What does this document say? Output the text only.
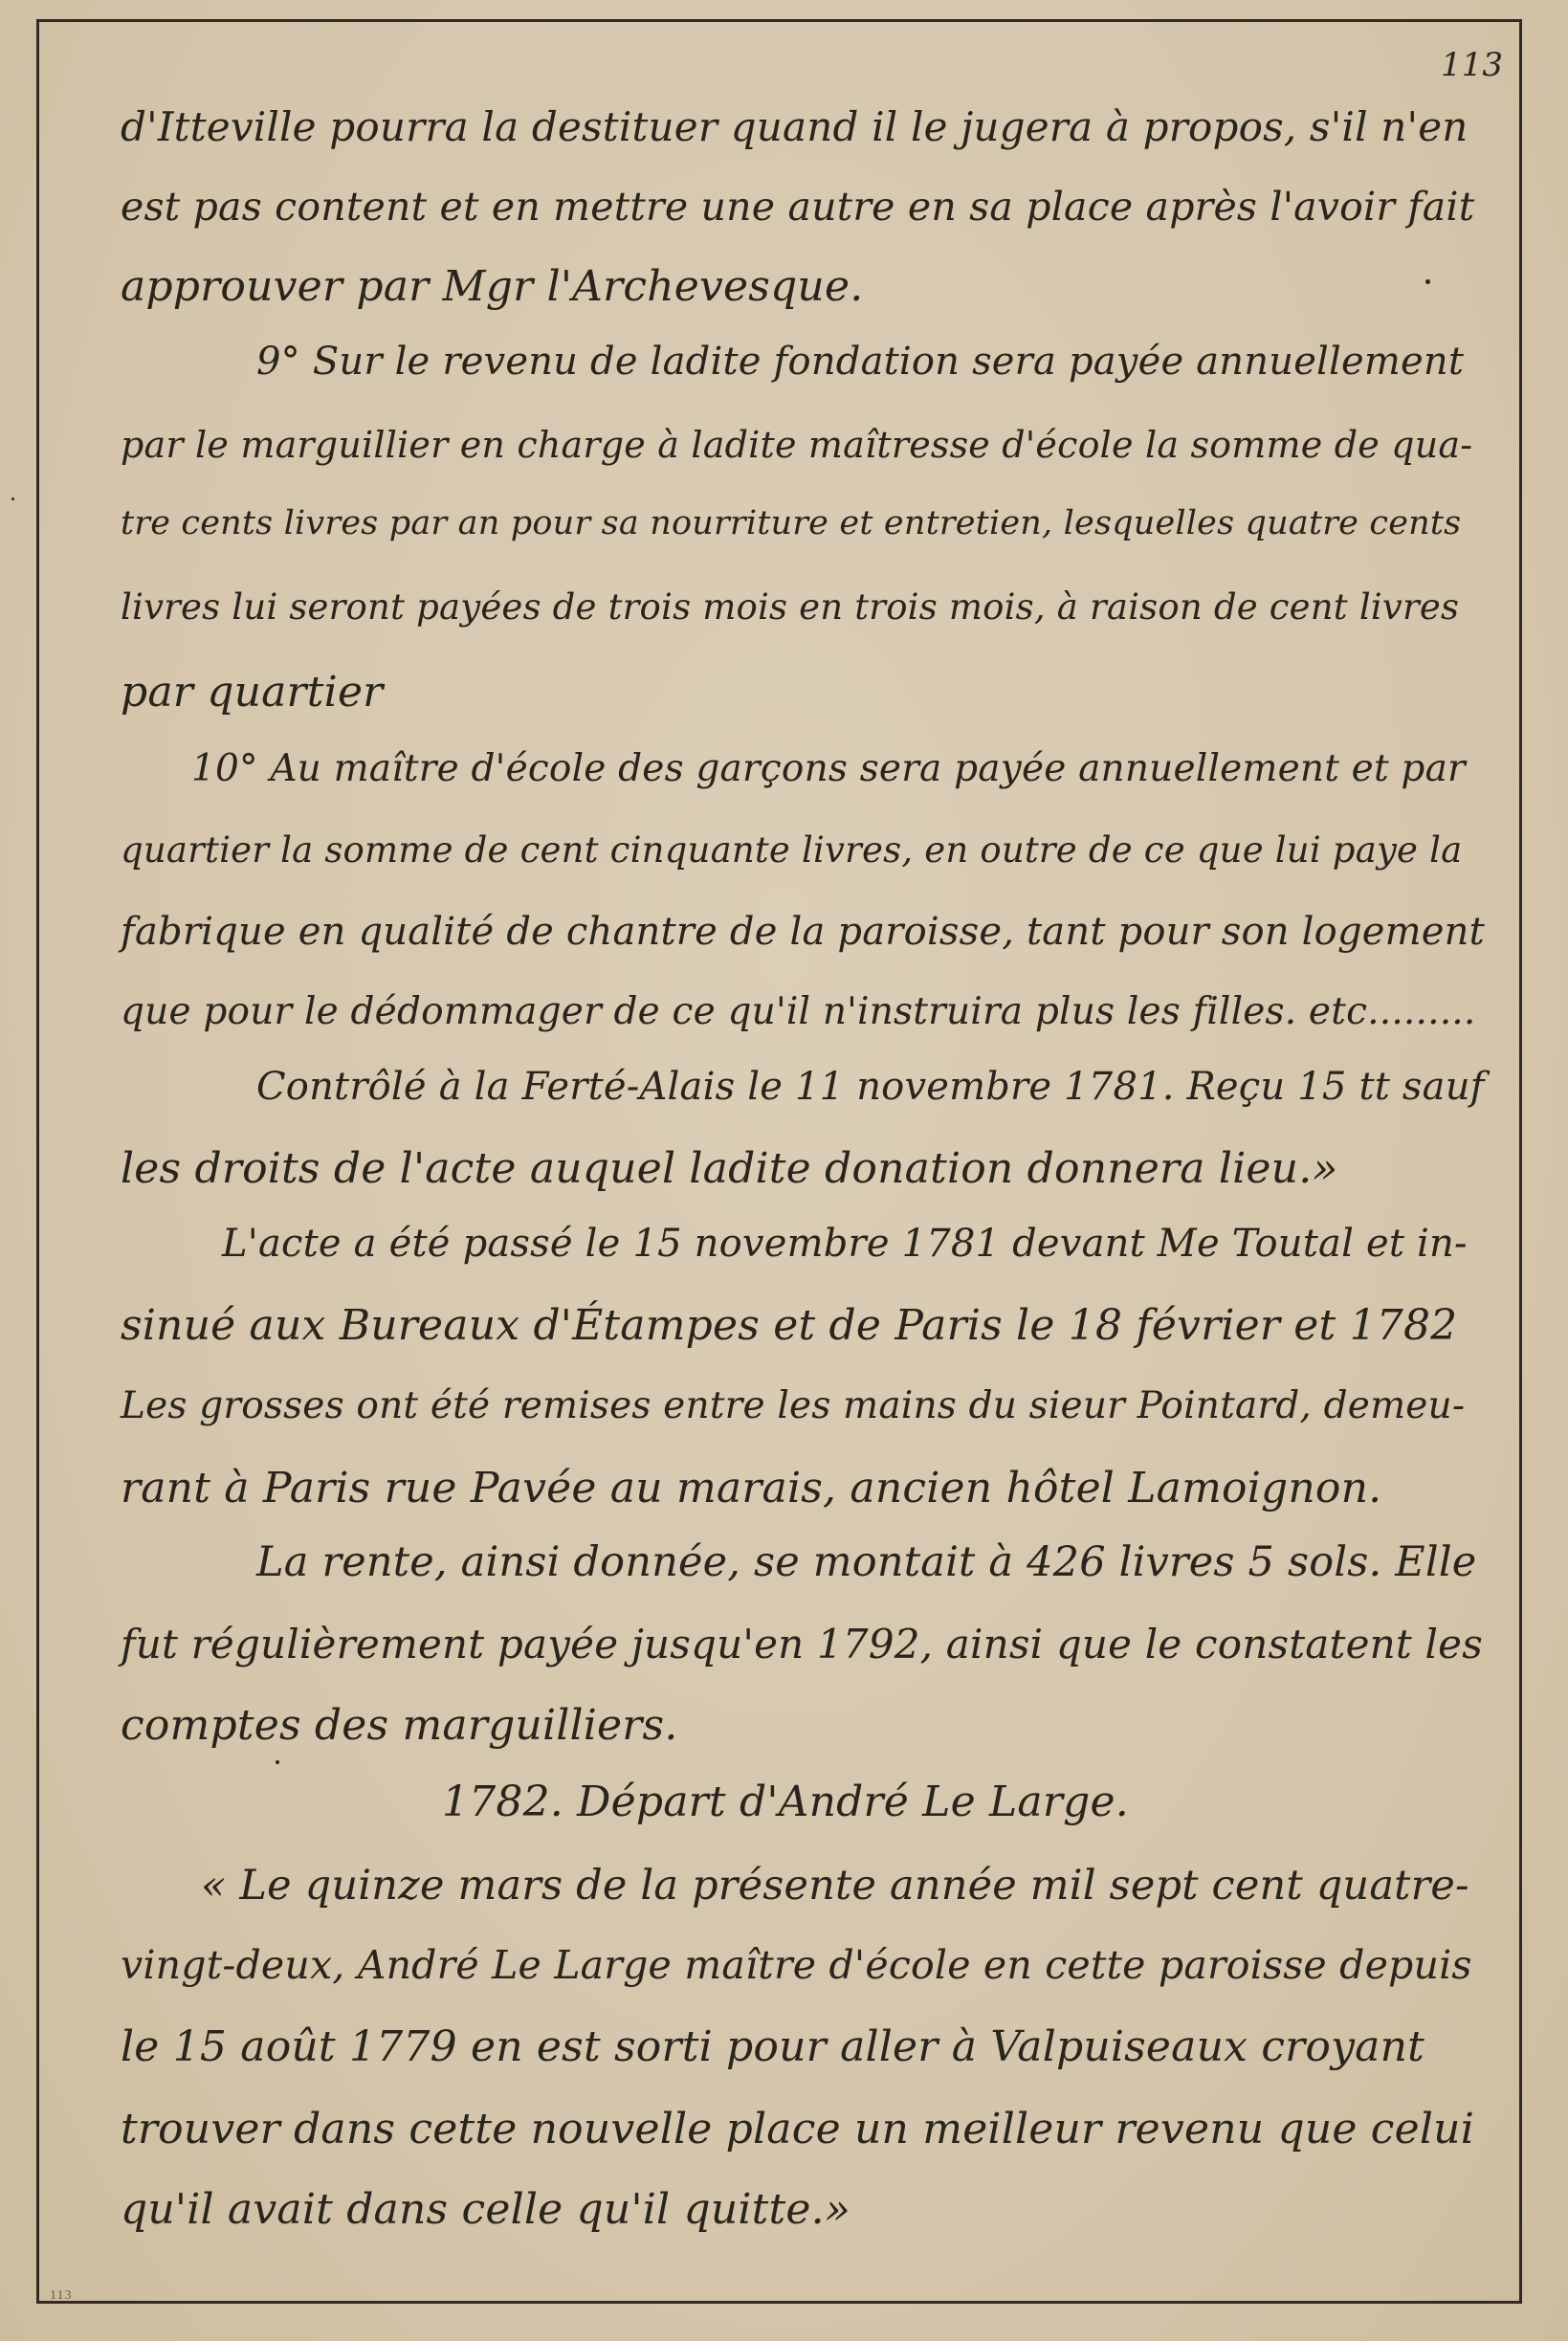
113
d'Itteville pourra la destituer quand il le jugera à propos, s'il n'en
est pas content et en mettre une autre en sa place après l'avoir fait
approuver par Mgr l'Archevesque.
9° Sur le revenu de ladite fondation sera payée annuellement
par le marguillier en charge à ladite maîtresse d'école la somme de qua-
tre cents livres par an pour sa nourriture et entretien, lesquelles quatre cents
livres lui seront payées de trois mois en trois mois, à raison de cent livres
par quartier
10° Au maître d'école des garçons sera payée annuellement et par
quartier la somme de cent cinquante livres, en outre de ce que lui paye la
fabrique en qualité de chantre de la paroisse, tant pour son logement
que pour le dédommager de ce qu'il n'instruira plus les filles. etc.........
Contrôlé à la Ferté-Alais le 11 novembre 1781. Reçu 15 tt sauf
les droits de l'acte auquel ladite donation donnera lieu.»
L'acte a été passé le 15 novembre 1781 devant Me Toutal et in-
sinué aux Bureaux d'Étampes et de Paris le 18 février et 1782
Les grosses ont été remises entre les mains du sieur Pointard, demeu-
rant à Paris rue Pavée au marais, ancien hôtel Lamoignon.
La rente, ainsi donnée, se montait à 426 livres 5 sols. Elle
fut régulièrement payée jusqu'en 1792, ainsi que le constatent les
comptes des marguilliers.
1782. Départ d'André Le Large.
« Le quinze mars de la présente année mil sept cent quatre-
vingt-deux, André Le Large maître d'école en cette paroisse depuis
le 15 août 1779 en est sorti pour aller à Valpuiseaux croyant
trouver dans cette nouvelle place un meilleur revenu que celui
qu'il avait dans celle qu'il quitte.»
113
